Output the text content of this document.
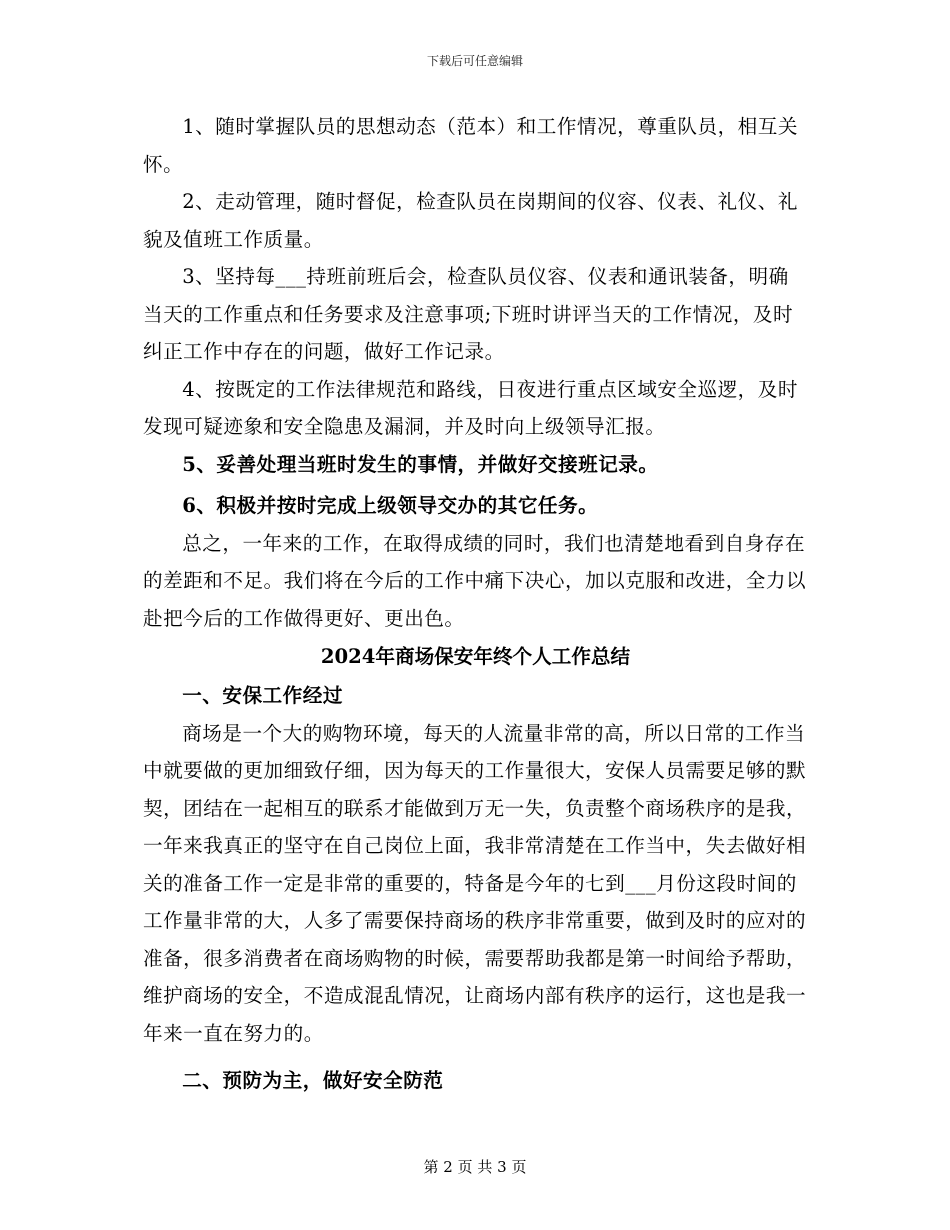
下载后可任意编辑

1、随时掌握队员的思想动态（范本）和工作情况，尊重队员，相互关怀。

2、走动管理，随时督促，检查队员在岗期间的仪容、仪表、礼仪、礼貌及值班工作质量。

3、坚持每___持班前班后会，检查队员仪容、仪表和通讯装备，明确当天的工作重点和任务要求及注意事项;下班时讲评当天的工作情况，及时纠正工作中存在的问题，做好工作记录。

4、按既定的工作法律规范和路线，日夜进行重点区域安全巡逻，及时发现可疑迹象和安全隐患及漏洞，并及时向上级领导汇报。

5、妥善处理当班时发生的事情，并做好交接班记录。

6、积极并按时完成上级领导交办的其它任务。

总之，一年来的工作，在取得成绩的同时，我们也清楚地看到自身存在的差距和不足。我们将在今后的工作中痛下决心，加以克服和改进，全力以赴把今后的工作做得更好、更出色。

2024年商场保安年终个人工作总结

一、安保工作经过

商场是一个大的购物环境，每天的人流量非常的高，所以日常的工作当中就要做的更加细致仔细，因为每天的工作量很大，安保人员需要足够的默契，团结在一起相互的联系才能做到万无一失，负责整个商场秩序的是我，一年来我真正的坚守在自己岗位上面，我非常清楚在工作当中，失去做好相关的准备工作一定是非常的重要的，特备是今年的七到___月份这段时间的工作量非常的大，人多了需要保持商场的秩序非常重要，做到及时的应对的准备，很多消费者在商场购物的时候，需要帮助我都是第一时间给予帮助，维护商场的安全，不造成混乱情况，让商场内部有秩序的运行，这也是我一年来一直在努力的。

二、预防为主，做好安全防范

第 2 页 共 3 页
